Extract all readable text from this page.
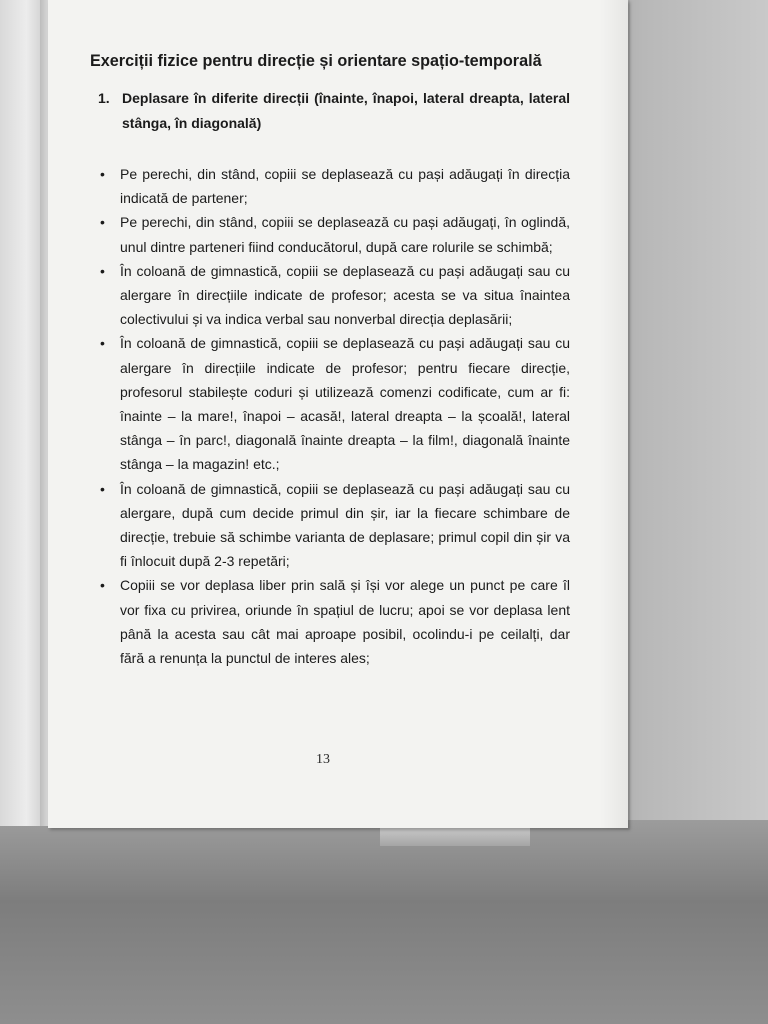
Exerciții fizice pentru direcție și orientare spațio-temporală
1. Deplasare în diferite direcții (înainte, înapoi, lateral dreapta, lateral stânga, în diagonală)
• Pe perechi, din stând, copiii se deplasează cu pași adăugați în direcția indicată de partener;
• Pe perechi, din stând, copiii se deplasează cu pași adăugați, în oglindă, unul dintre parteneri fiind conducătorul, după care rolurile se schimbă;
• În coloană de gimnastică, copiii se deplasează cu pași adăugați sau cu alergare în direcțiile indicate de profesor; acesta se va situa înaintea colectivului și va indica verbal sau nonverbal direcția deplasării;
• În coloană de gimnastică, copiii se deplasează cu pași adăugați sau cu alergare în direcțiile indicate de profesor; pentru fiecare direcție, profesorul stabilește coduri și utilizează comenzi codificate, cum ar fi: înainte – la mare!, înapoi – acasă!, lateral dreapta – la școală!, lateral stânga – în parc!, diagonală înainte dreapta – la film!, diagonală înainte stânga – la magazin! etc.;
• În coloană de gimnastică, copiii se deplasează cu pași adăugați sau cu alergare, după cum decide primul din șir, iar la fiecare schimbare de direcție, trebuie să schimbe varianta de deplasare; primul copil din șir va fi înlocuit după 2-3 repetări;
• Copiii se vor deplasa liber prin sală și își vor alege un punct pe care îl vor fixa cu privirea, oriunde în spațiul de lucru; apoi se vor deplasa lent până la acesta sau cât mai aproape posibil, ocolindu-i pe ceilalți, dar fără a renunța la punctul de interes ales;
13
